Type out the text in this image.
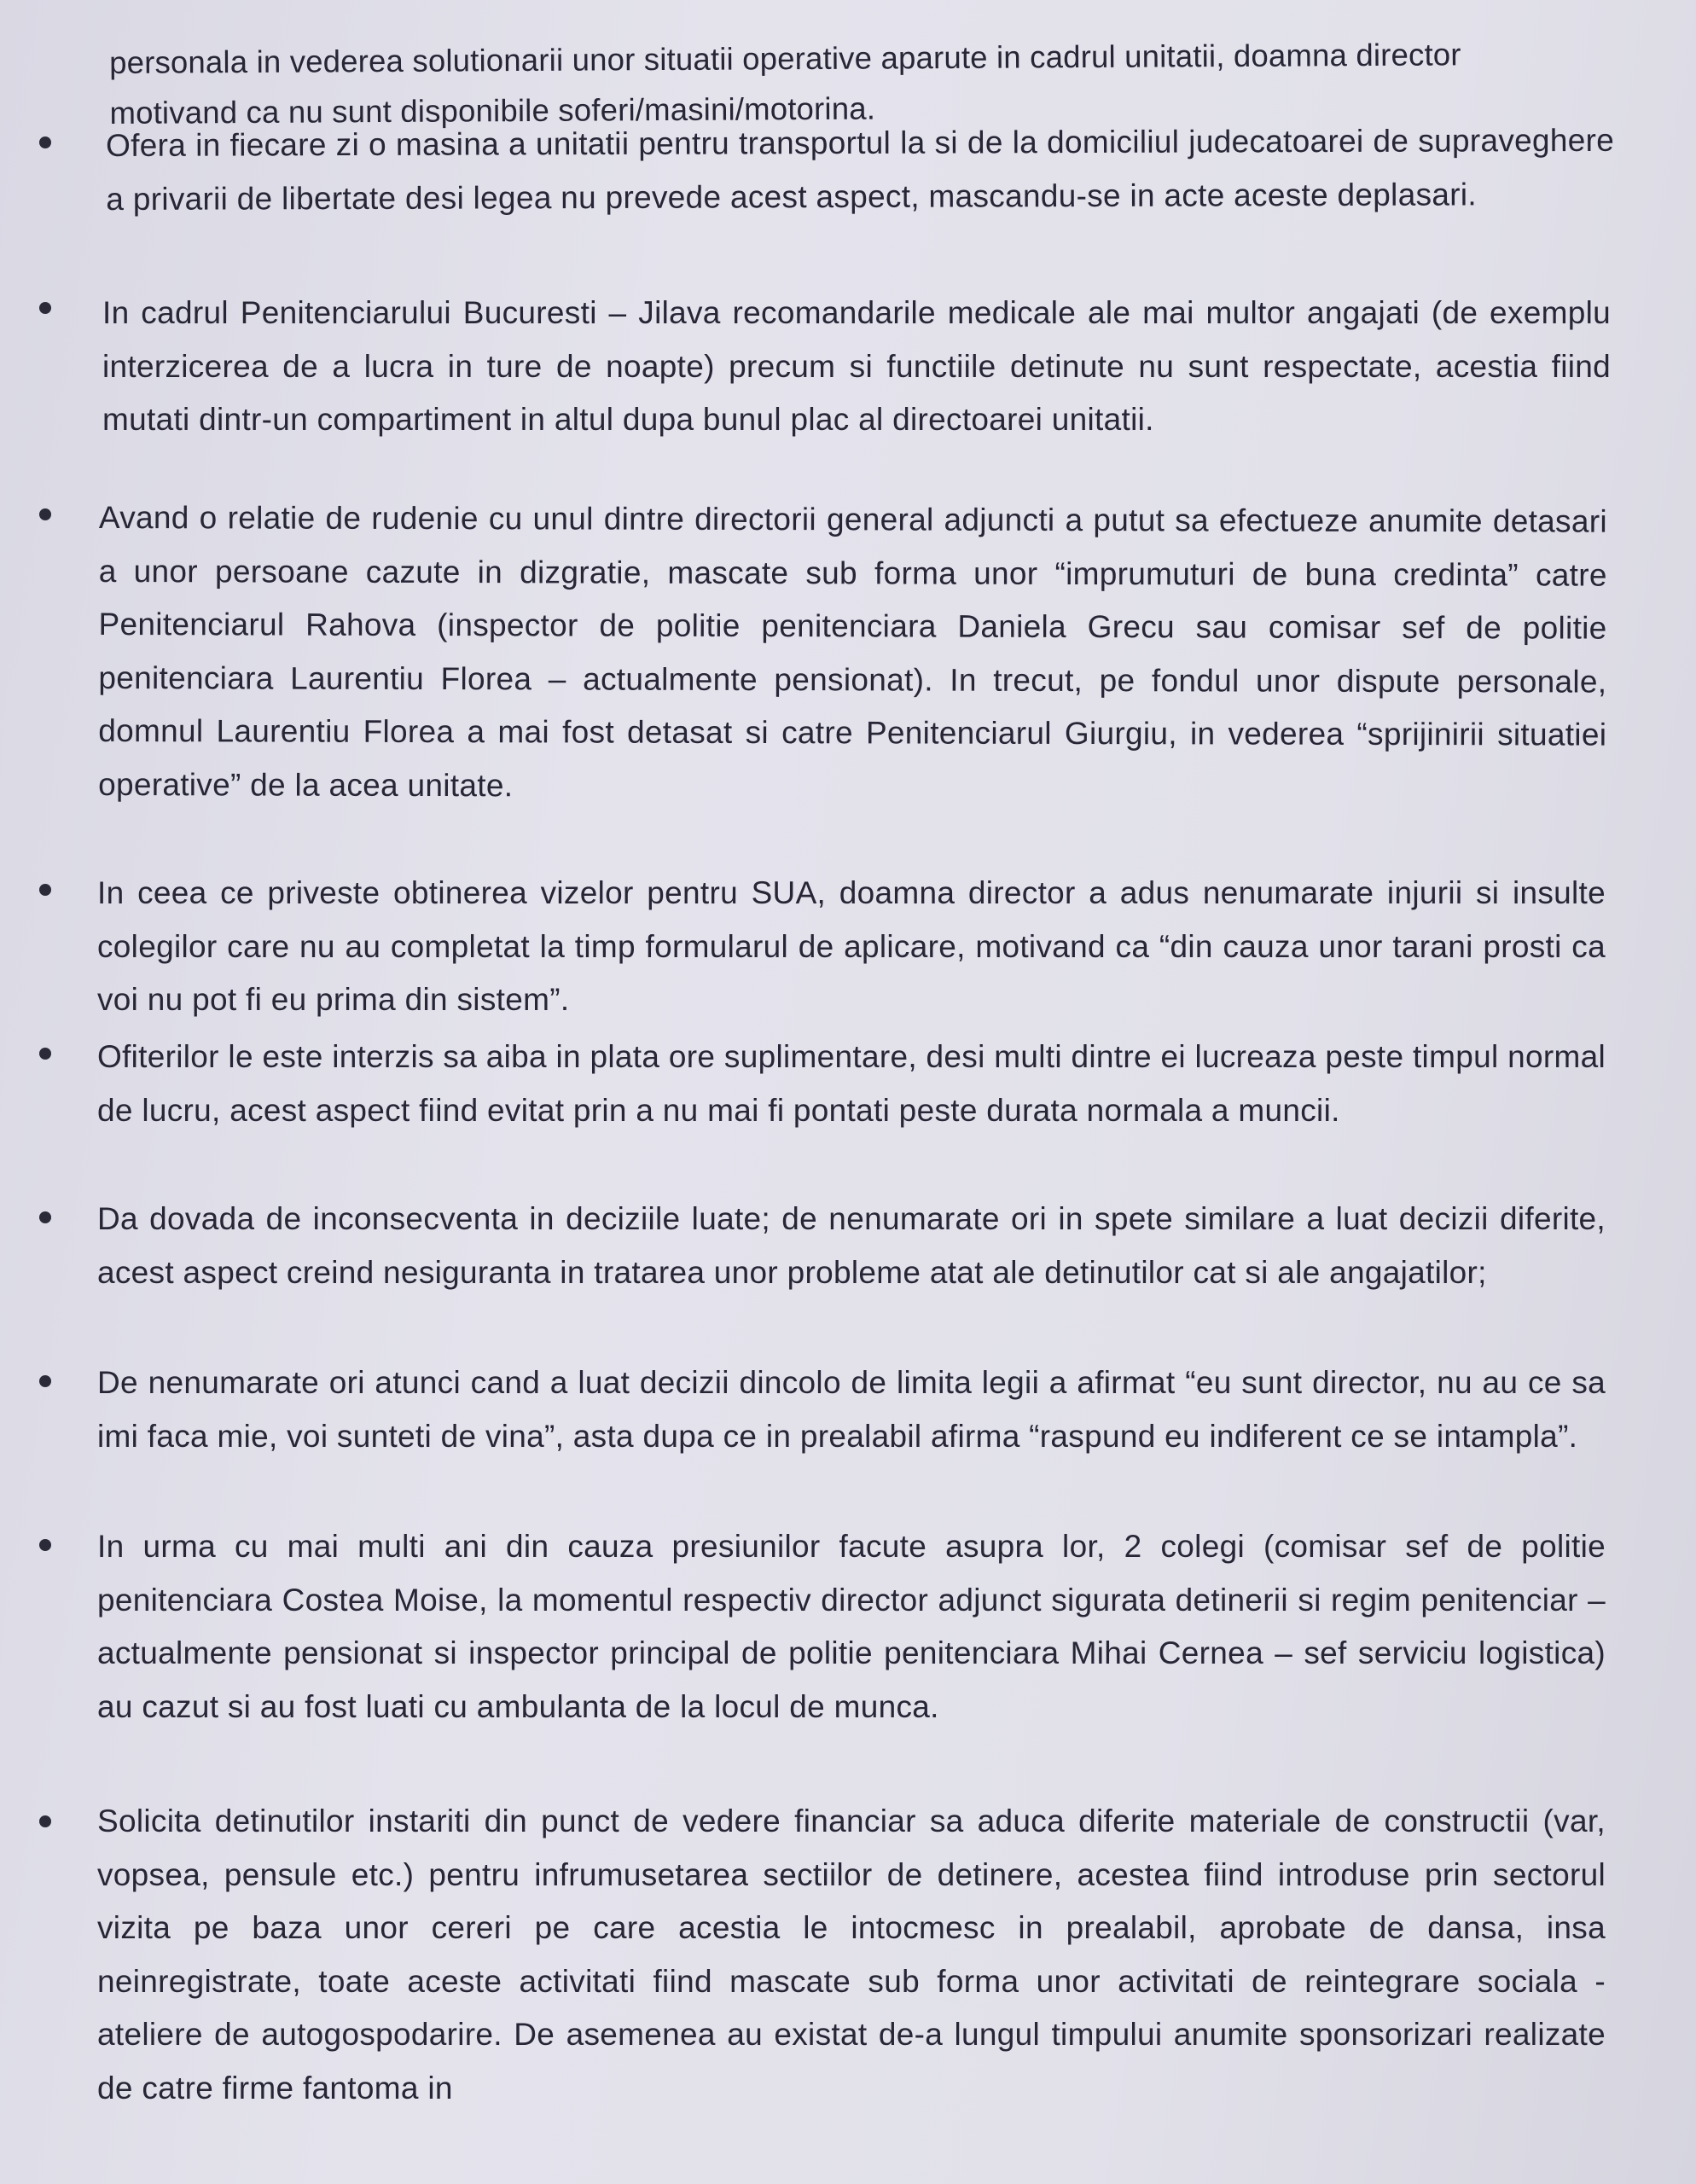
personala in vederea solutionarii unor situatii operative aparute in cadrul unitatii, doamna director motivand ca nu sunt disponibile soferi/masini/motorina.
Ofera in fiecare zi o masina a unitatii pentru transportul la si de la domiciliul judecatoarei de supraveghere a privarii de libertate desi legea nu prevede acest aspect, mascandu-se in acte aceste deplasari.
In cadrul Penitenciarului Bucuresti – Jilava recomandarile medicale ale mai multor angajati (de exemplu interzicerea de a lucra in ture de noapte) precum si functiile detinute nu sunt respectate, acestia fiind mutati dintr-un compartiment in altul dupa bunul plac al directoarei unitatii.
Avand o relatie de rudenie cu unul dintre directorii general adjuncti a putut sa efectueze anumite detasari a unor persoane cazute in dizgratie, mascate sub forma unor “imprumuturi de buna credinta” catre Penitenciarul Rahova (inspector de politie penitenciara Daniela Grecu sau comisar sef de politie penitenciara Laurentiu Florea – actualmente pensionat). In trecut, pe fondul unor dispute personale, domnul Laurentiu Florea a mai fost detasat si catre Penitenciarul Giurgiu, in vederea “sprijinirii situatiei operative” de la acea unitate.
In ceea ce priveste obtinerea vizelor pentru SUA, doamna director a adus nenumarate injurii si insulte colegilor care nu au completat la timp formularul de aplicare, motivand ca “din cauza unor tarani prosti ca voi nu pot fi eu prima din sistem”.
Ofiterilor le este interzis sa aiba in plata ore suplimentare, desi multi dintre ei lucreaza peste timpul normal de lucru, acest aspect fiind evitat prin a nu mai fi pontati peste durata normala a muncii.
Da dovada de inconsecventa in deciziile luate; de nenumarate ori in spete similare a luat decizii diferite, acest aspect creind nesiguranta in tratarea unor probleme atat ale detinutilor cat si ale angajatilor;
De nenumarate ori atunci cand a luat decizii dincolo de limita legii a afirmat “eu sunt director, nu au ce sa imi faca mie, voi sunteti de vina”, asta dupa ce in prealabil afirma “raspund eu indiferent ce se intampla”.
In urma cu mai multi ani din cauza presiunilor facute asupra lor, 2 colegi (comisar sef de politie penitenciara Costea Moise, la momentul respectiv director adjunct sigurata detinerii si regim penitenciar – actualmente pensionat si inspector principal de politie penitenciara Mihai Cernea – sef serviciu logistica) au cazut si au fost luati cu ambulanta de la locul de munca.
Solicita detinutilor instariti din punct de vedere financiar sa aduca diferite materiale de constructii (var, vopsea, pensule etc.) pentru infrumusetarea sectiilor de detinere, acestea fiind introduse prin sectorul vizita pe baza unor cereri pe care acestia le intocmesc in prealabil, aprobate de dansa, insa neinregistrate, toate aceste activitati fiind mascate sub forma unor activitati de reintegrare sociala - ateliere de autogospodarire. De asemenea au existat de-a lungul timpului anumite sponsorizari realizate de catre firme fantoma in
